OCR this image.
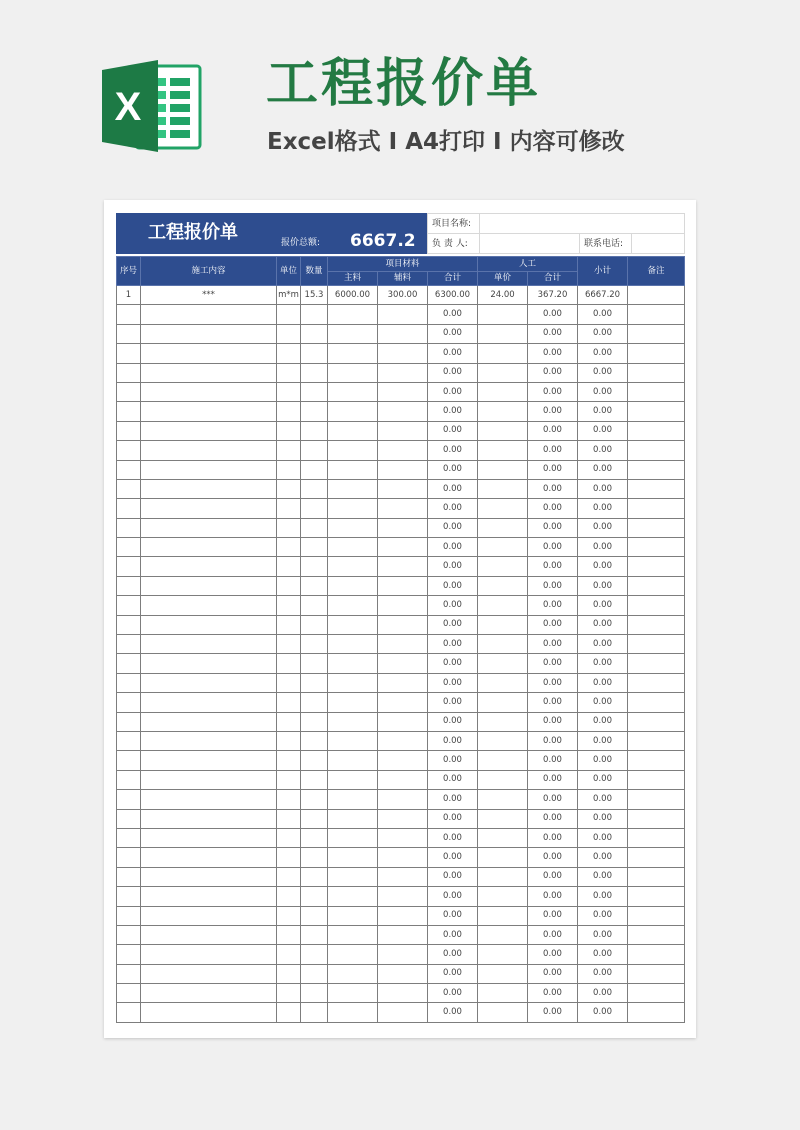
X 工程报价单
Excel格式 I A4打印 I 内容可修改
工程报价单	报价总额: 6667.2
项目名称:			
负 责 人:		联系电话:	
序号	施工内容	单位	数量	项目材料			人工		小计	备注
				主料	辅料	合计	单价	合计		
1	***	m*m	15.3	6000.00	300.00	6300.00	24.00	367.20	6667.20	
						0.00		0.00	0.00	
						0.00		0.00	0.00	
						0.00		0.00	0.00	
						0.00		0.00	0.00	
						0.00		0.00	0.00	
						0.00		0.00	0.00	
						0.00		0.00	0.00	
						0.00		0.00	0.00	
						0.00		0.00	0.00	
						0.00		0.00	0.00	
						0.00		0.00	0.00	
						0.00		0.00	0.00	
						0.00		0.00	0.00	
						0.00		0.00	0.00	
						0.00		0.00	0.00	
						0.00		0.00	0.00	
						0.00		0.00	0.00	
						0.00		0.00	0.00	
						0.00		0.00	0.00	
						0.00		0.00	0.00	
						0.00		0.00	0.00	
						0.00		0.00	0.00	
						0.00		0.00	0.00	
						0.00		0.00	0.00	
						0.00		0.00	0.00	
						0.00		0.00	0.00	
						0.00		0.00	0.00	
						0.00		0.00	0.00	
						0.00		0.00	0.00	
						0.00		0.00	0.00	
						0.00		0.00	0.00	
						0.00		0.00	0.00	
						0.00		0.00	0.00	
						0.00		0.00	0.00	
						0.00		0.00	0.00	
						0.00		0.00	0.00	
						0.00		0.00	0.00	
